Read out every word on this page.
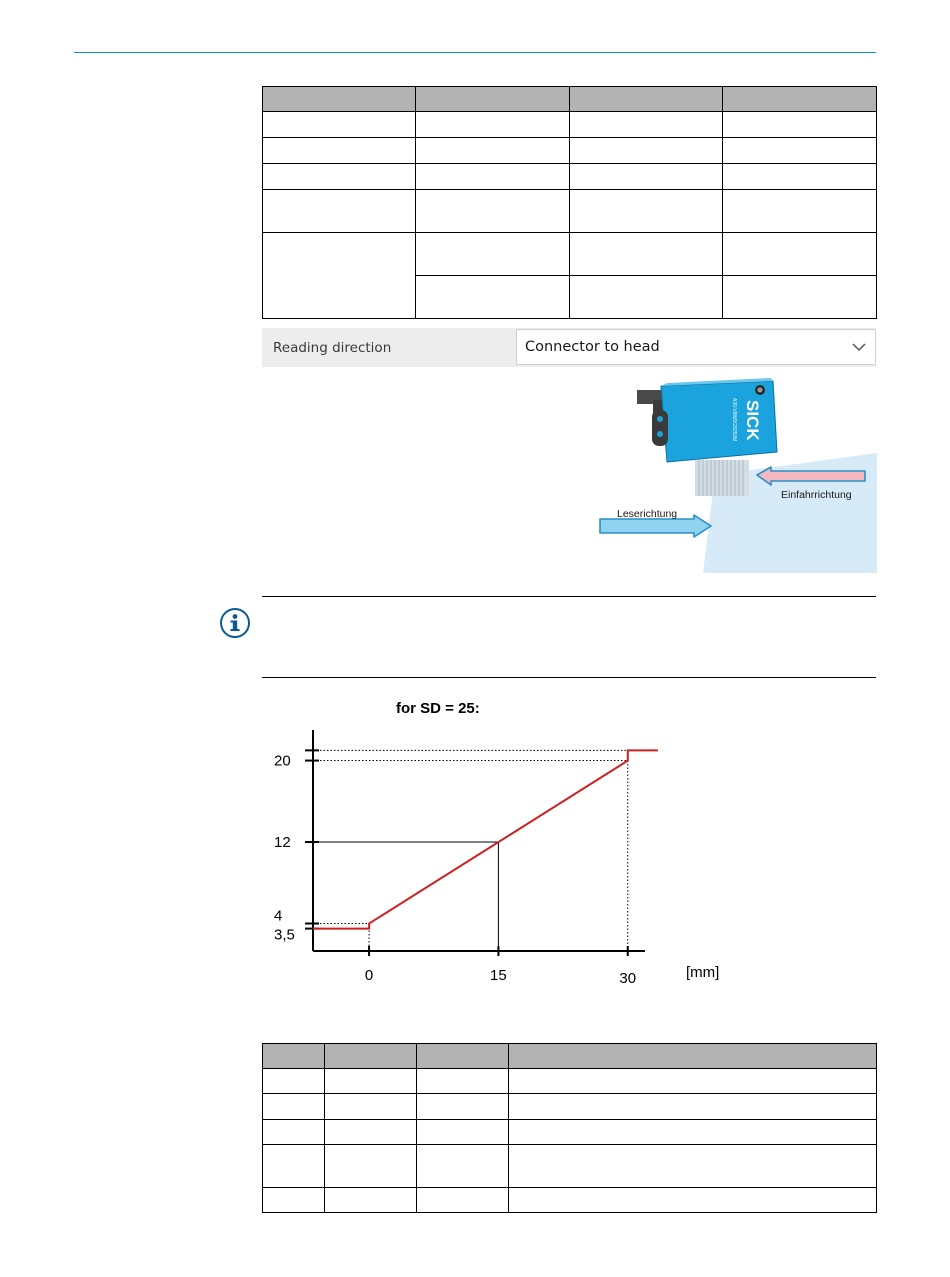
Reading direction	Connector to head
SICK
A30-VBM5G8250M
Einfahrrichtung
Leserichtung
for SD = 25:
3,5
4
12
20
0	15	30	[mm]
